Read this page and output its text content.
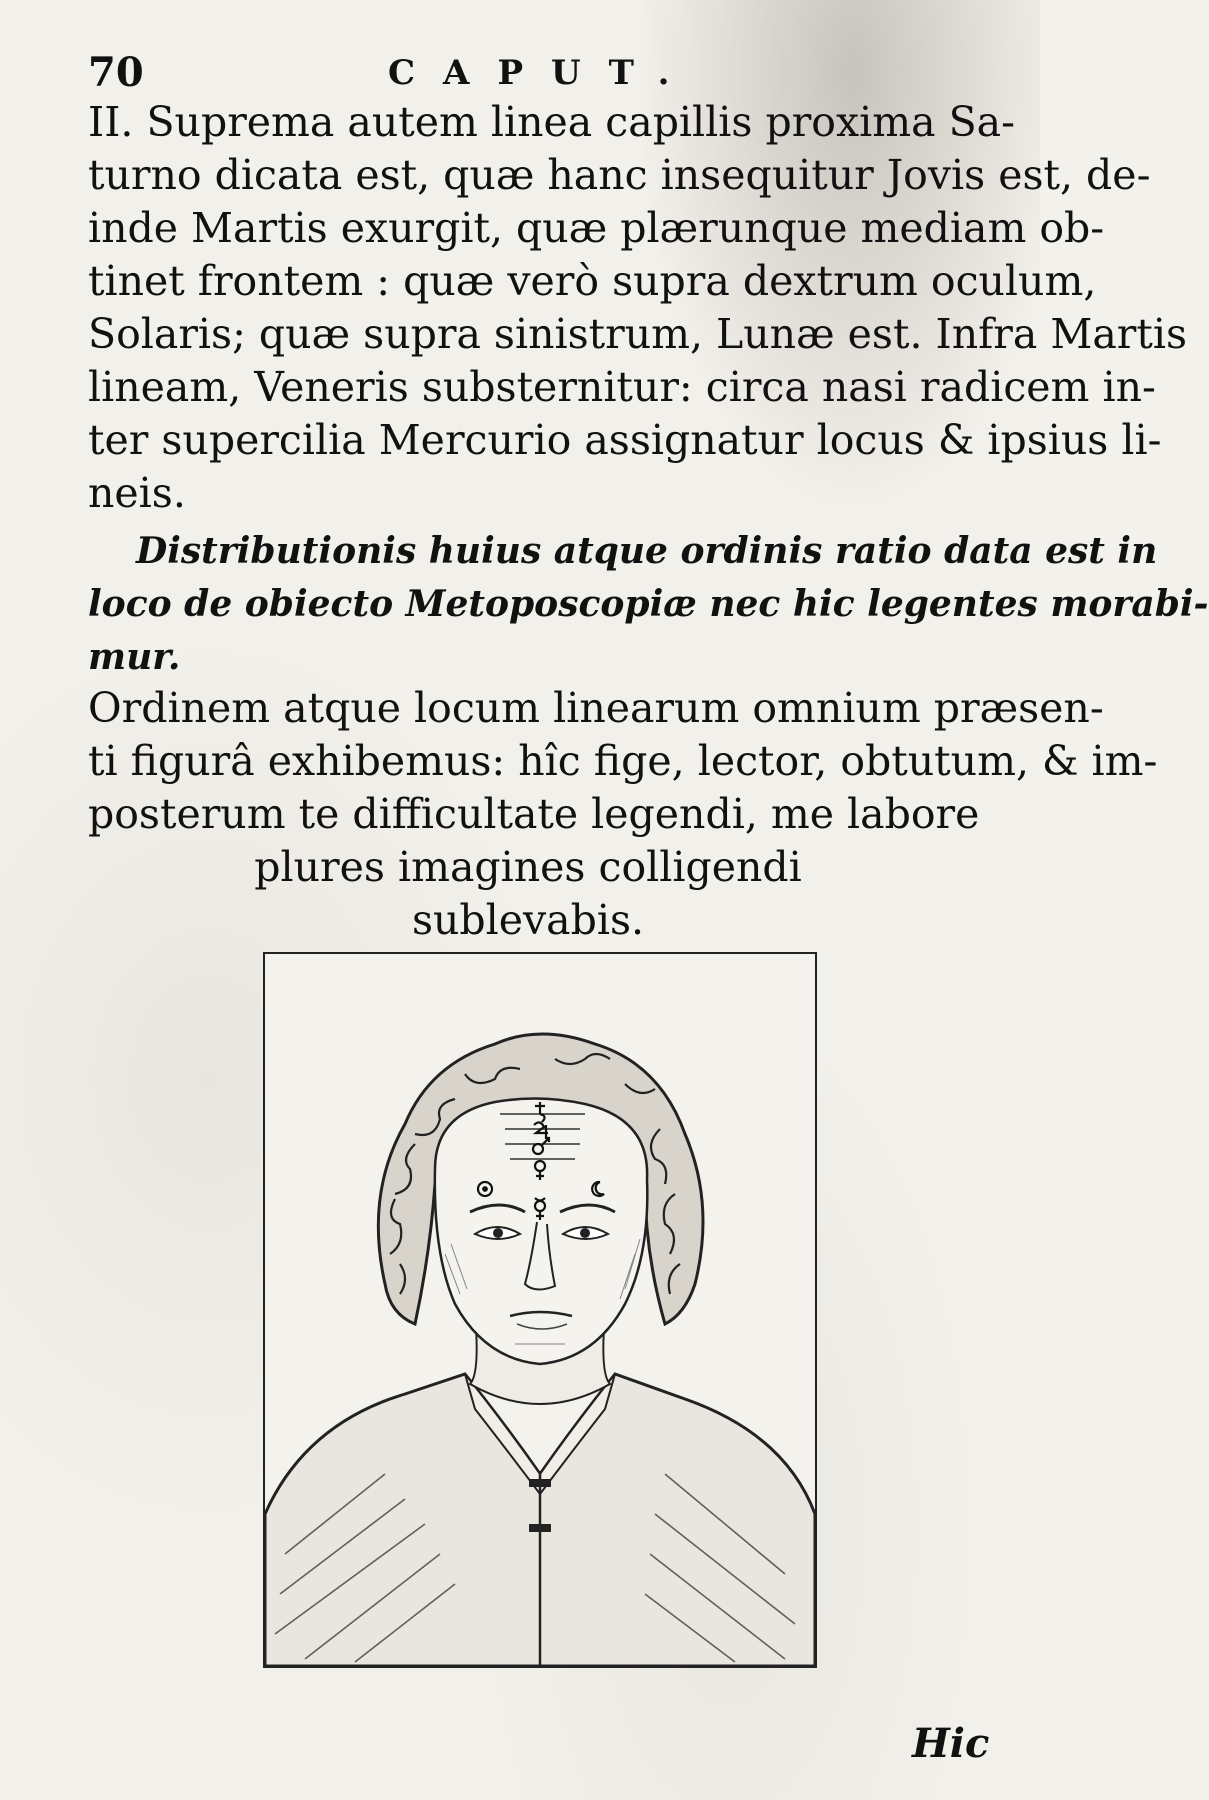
70	CAPUT.
II. Suprema autem linea capillis proxima Sa-
turno dicata est, quæ hanc insequitur Jovis est, de-
inde Martis exurgit, quæ plærunque mediam ob-
tinet frontem : quæ verò supra dextrum oculum,
Solaris; quæ supra sinistrum, Lunæ est. Infra Martis
lineam, Veneris substernitur: circa nasi radicem in-
ter supercilia Mercurio assignatur locus & ipsius li-
neis.
Distributionis huius atque ordinis ratio data est in
loco de obiecto Metoposcopiæ nec hic legentes morabi-
mur.
Ordinem atque locum linearum omnium præsen-
ti figurâ exhibemus: hîc fige, lector, obtutum, & im-
posterum te difficultate legendi, me labore
plures imagines colligendi
sublevabis.
Hic
